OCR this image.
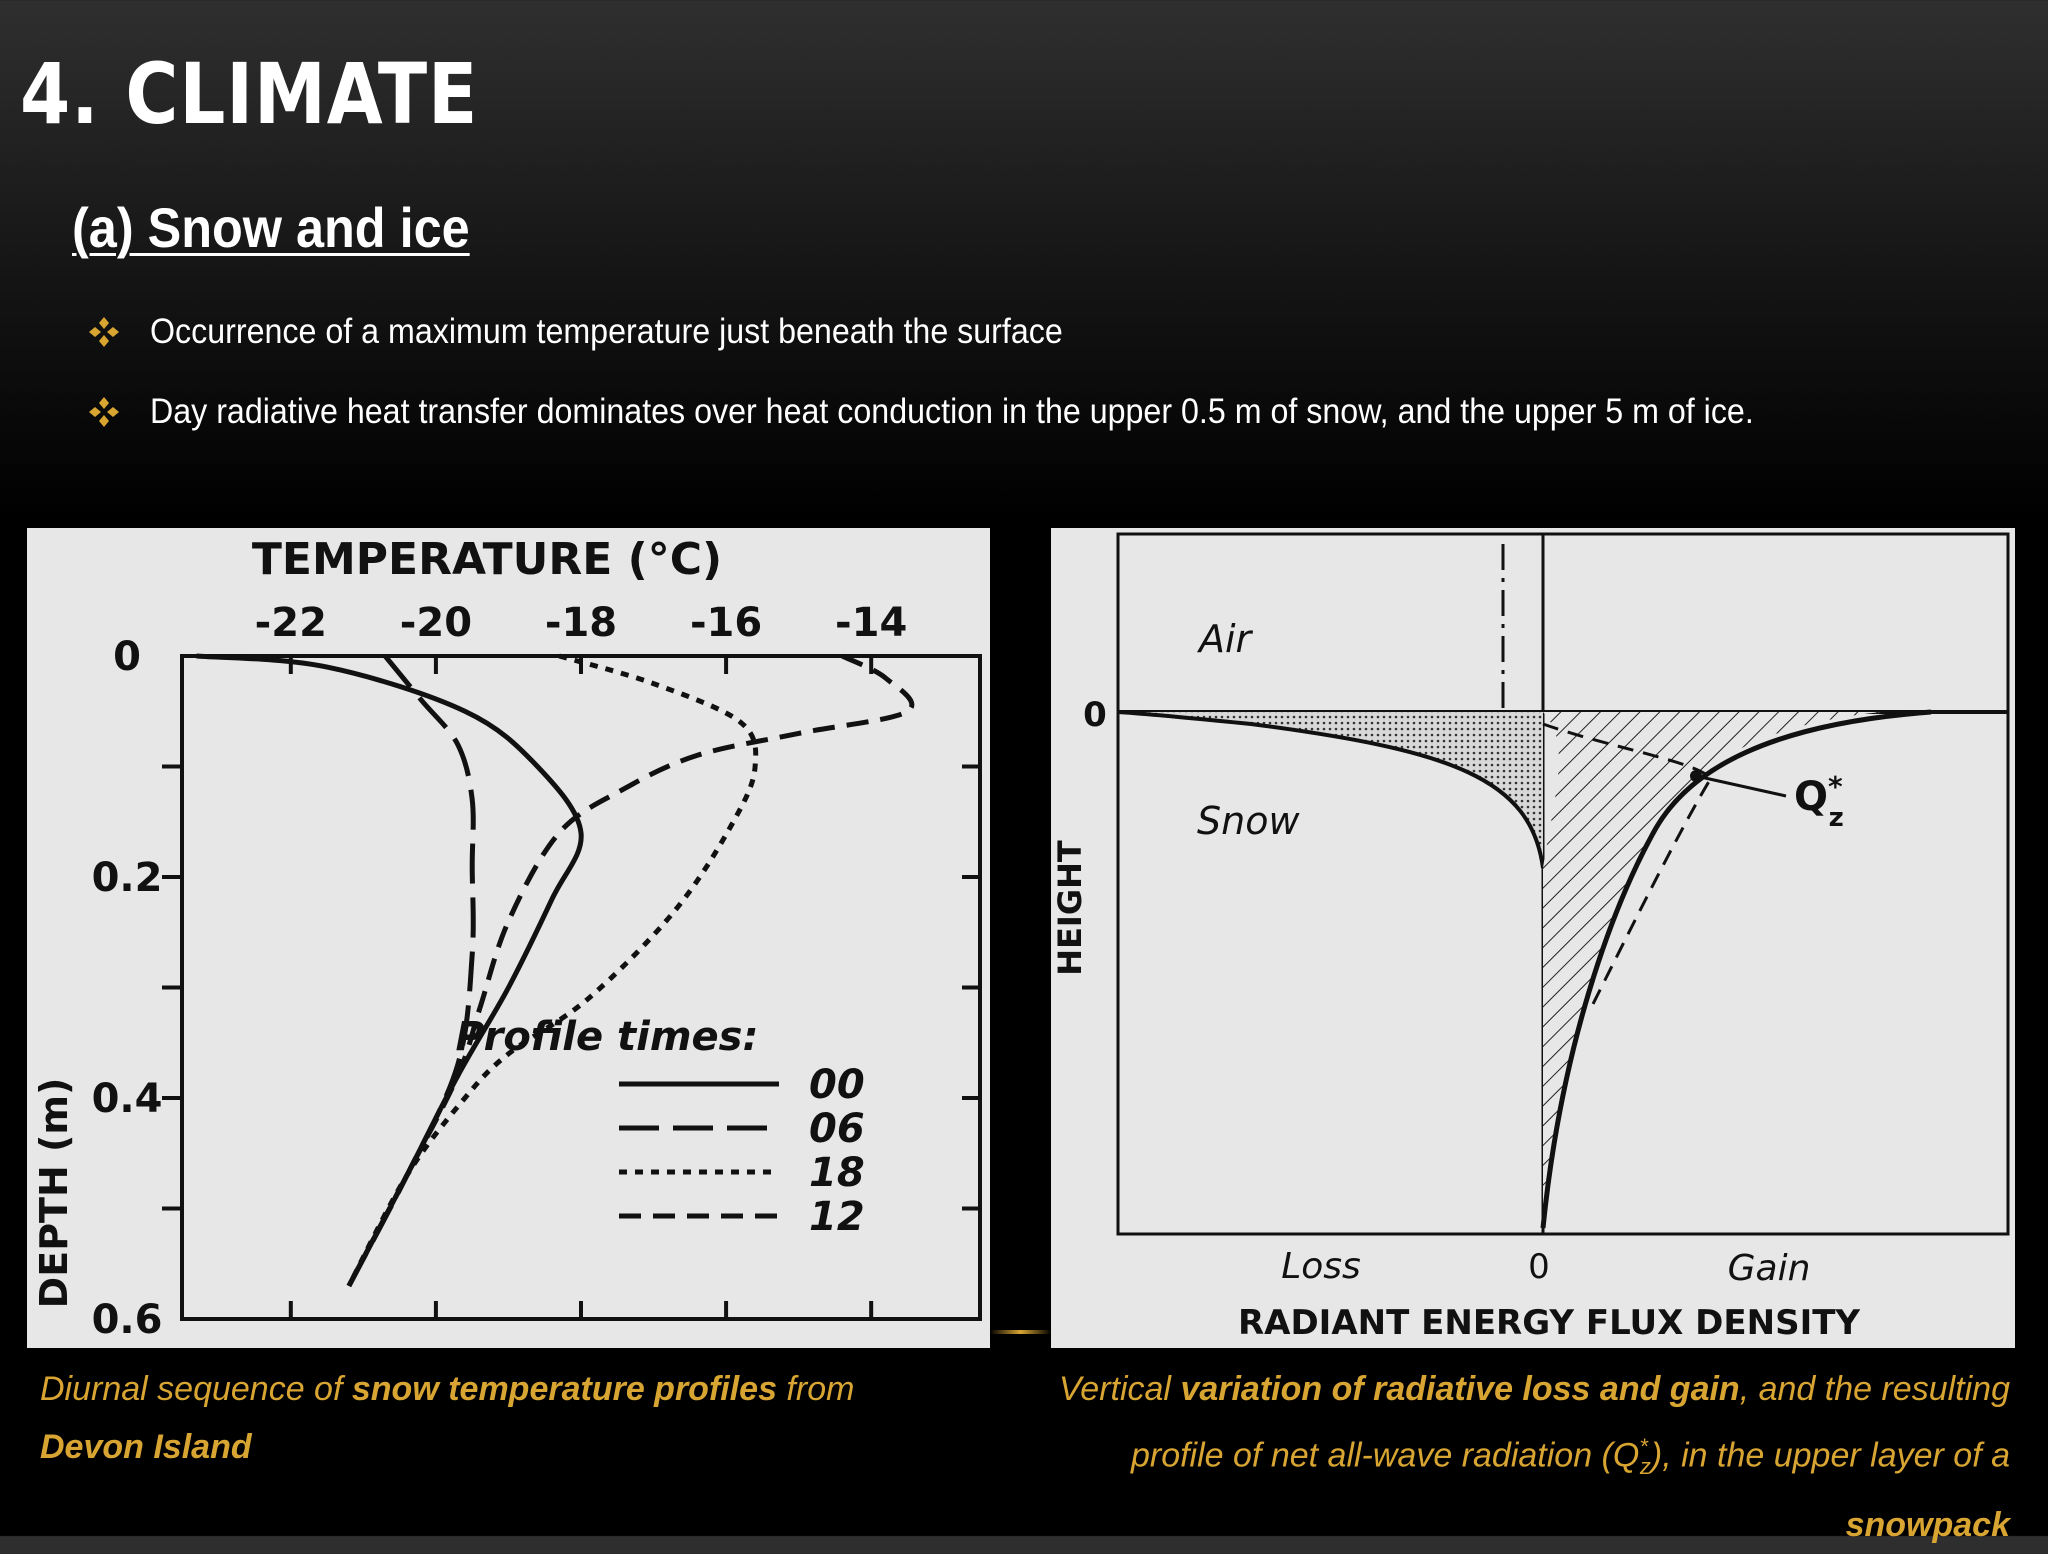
4. CLIMATE
(a) Snow and ice
Occurrence of a maximum temperature just beneath the surface
Day radiative heat transfer dominates over heat conduction in the upper 0.5 m of snow, and the upper 5 m of ice.
TEMPERATURE (°C)
-22 -20 -18 -16 -14
0
0.2
0.4
0.6
DEPTH (m)
Profile times:
00
06
18
12
Air
Snow
0
HEIGHT
Q* z
Loss	0	Gain
RADIANT ENERGY FLUX DENSITY

Diurnal sequence of snow temperature profiles from Devon Island

Vertical variation of radiative loss and gain, and the resulting profile of net all-wave radiation $(Q^*_z)$, in the upper layer of a snowpack
